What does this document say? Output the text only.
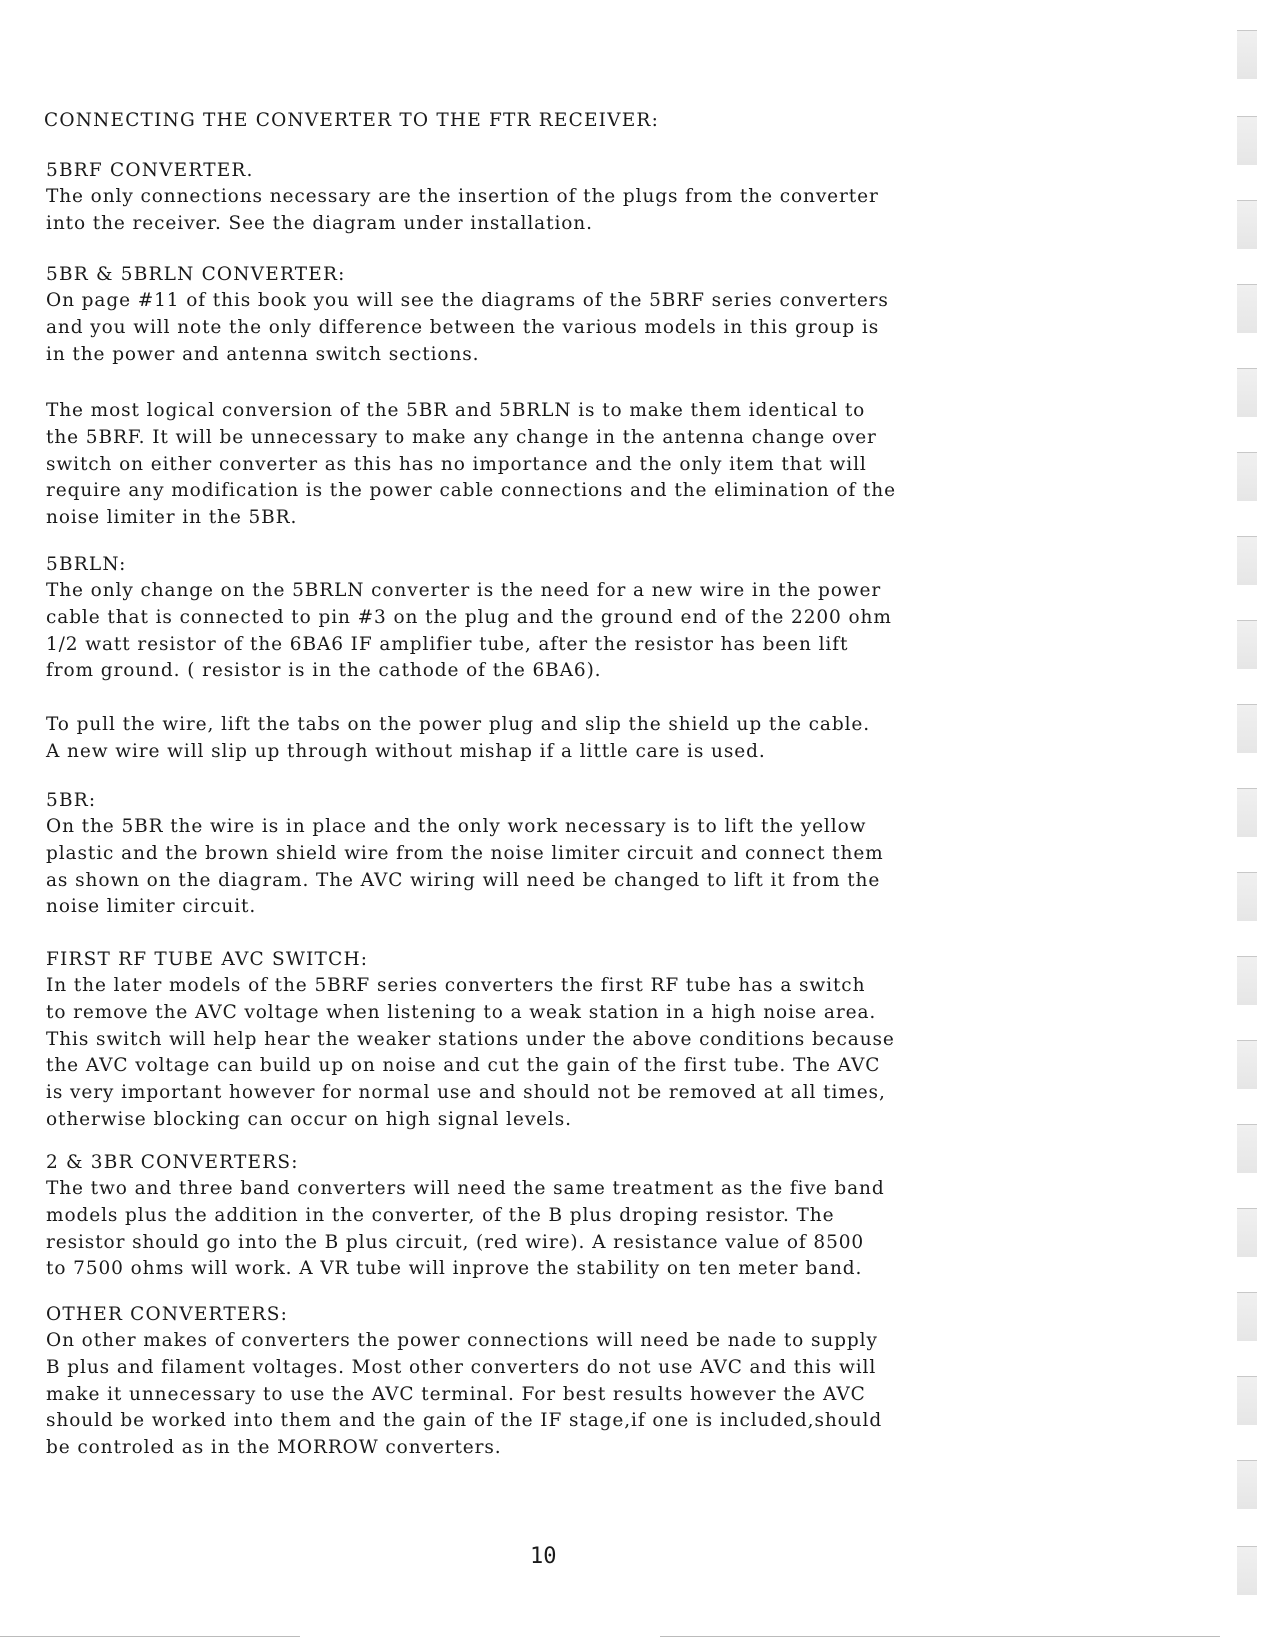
CONNECTING THE CONVERTER TO THE FTR RECEIVER:
5BRF CONVERTER.

The only connections necessary are the insertion of the plugs from the converter

into the receiver. See the diagram under installation.

5BR & 5BRLN CONVERTER:

On page #11 of this book you will see the diagrams of the 5BRF series converters

and you will note the only difference between the various models in this group is

in the power and antenna switch sections.

The most logical conversion of the 5BR and 5BRLN is to make them identical to

the 5BRF. It will be unnecessary to make any change in the antenna change over

switch on either converter as this has no importance and the only item that will

require any modification is the power cable connections and the elimination of the

noise limiter in the 5BR.

5BRLN:

The only change on the 5BRLN converter is the need for a new wire in the power

cable that is connected to pin #3 on the plug and the ground end of the 2200 ohm

1/2 watt resistor of the 6BA6 IF amplifier tube, after the resistor has been lift

from ground. ( resistor is in the cathode of the 6BA6).

To pull the wire, lift the tabs on the power plug and slip the shield up the cable.

A new wire will slip up through without mishap if a little care is used.

5BR:

On the 5BR the wire is in place and the only work necessary is to lift the yellow

plastic and the brown shield wire from the noise limiter circuit and connect them

as shown on the diagram. The AVC wiring will need be changed to lift it from the

noise limiter circuit.

FIRST RF TUBE AVC SWITCH:

In the later models of the 5BRF series converters the first RF tube has a switch

to remove the AVC voltage when listening to a weak station in a high noise area.

This switch will help hear the weaker stations under the above conditions because

the AVC voltage can build up on noise and cut the gain of the first tube. The AVC

is very important however for normal use and should not be removed at all times,

otherwise blocking can occur on high signal levels.

2 & 3BR CONVERTERS:

The two and three band converters will need the same treatment as the five band

models plus the addition in the converter, of the B plus droping resistor. The

resistor should go into the B plus circuit, (red wire). A resistance value of 8500

to 7500 ohms will work. A VR tube will inprove the stability on ten meter band.

OTHER CONVERTERS:

On other makes of converters the power connections will need be nade to supply

B plus and filament voltages. Most other converters do not use AVC and this will

make it unnecessary to use the AVC terminal. For best results however the AVC

should be worked into them and the gain of the IF stage,if one is included,should

be controled as in the MORROW converters.

10
